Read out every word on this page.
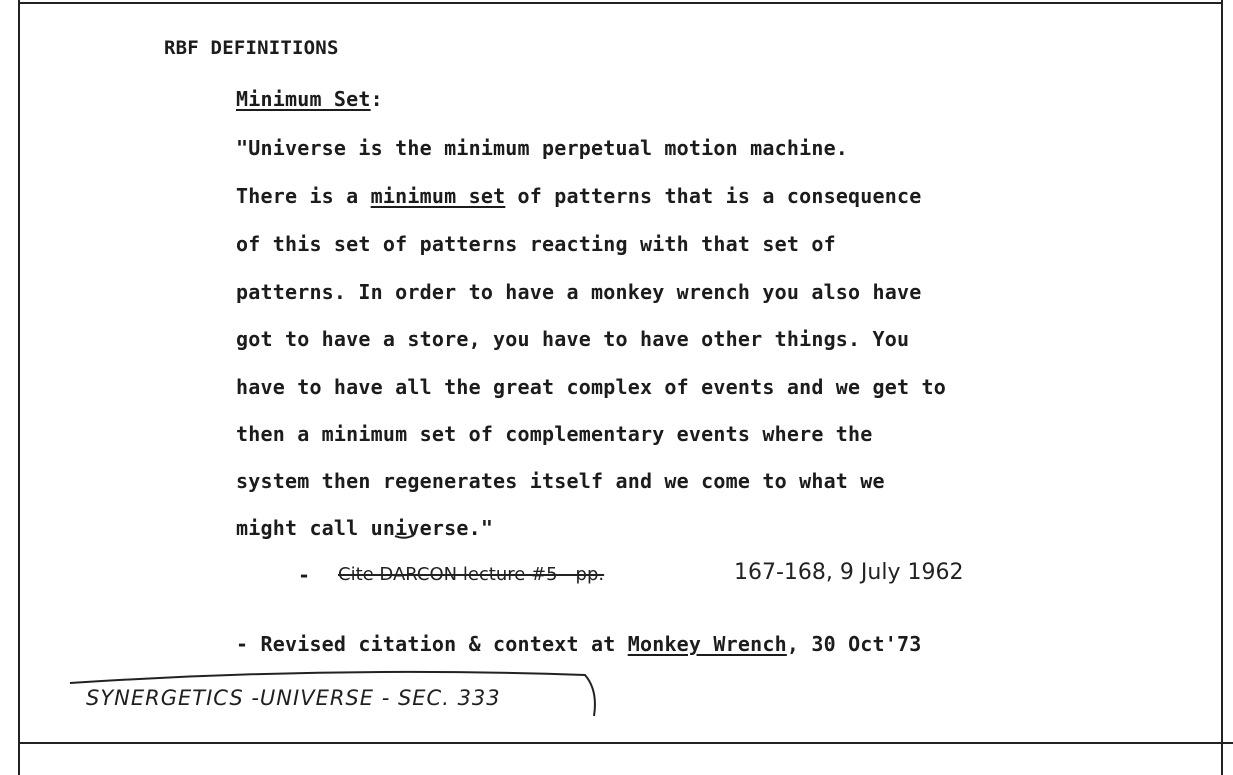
RBF DEFINITIONS
Minimum Set:
"Universe is the minimum perpetual motion machine.
There is a minimum set of patterns that is a consequence
of this set of patterns reacting with that set of
patterns. In order to have a monkey wrench you also have
got to have a store, you have to have other things. You
have to have all the great complex of events and we get to
then a minimum set of complementary events where the
system then regenerates itself and we come to what we
might call universe."
- Cite DARCON lecture #5 - pp.	167-168, 9 July 1962
- Revised citation & context at Monkey Wrench, 30 Oct'73
SYNERGETICS -UNIVERSE - SEC. 333
